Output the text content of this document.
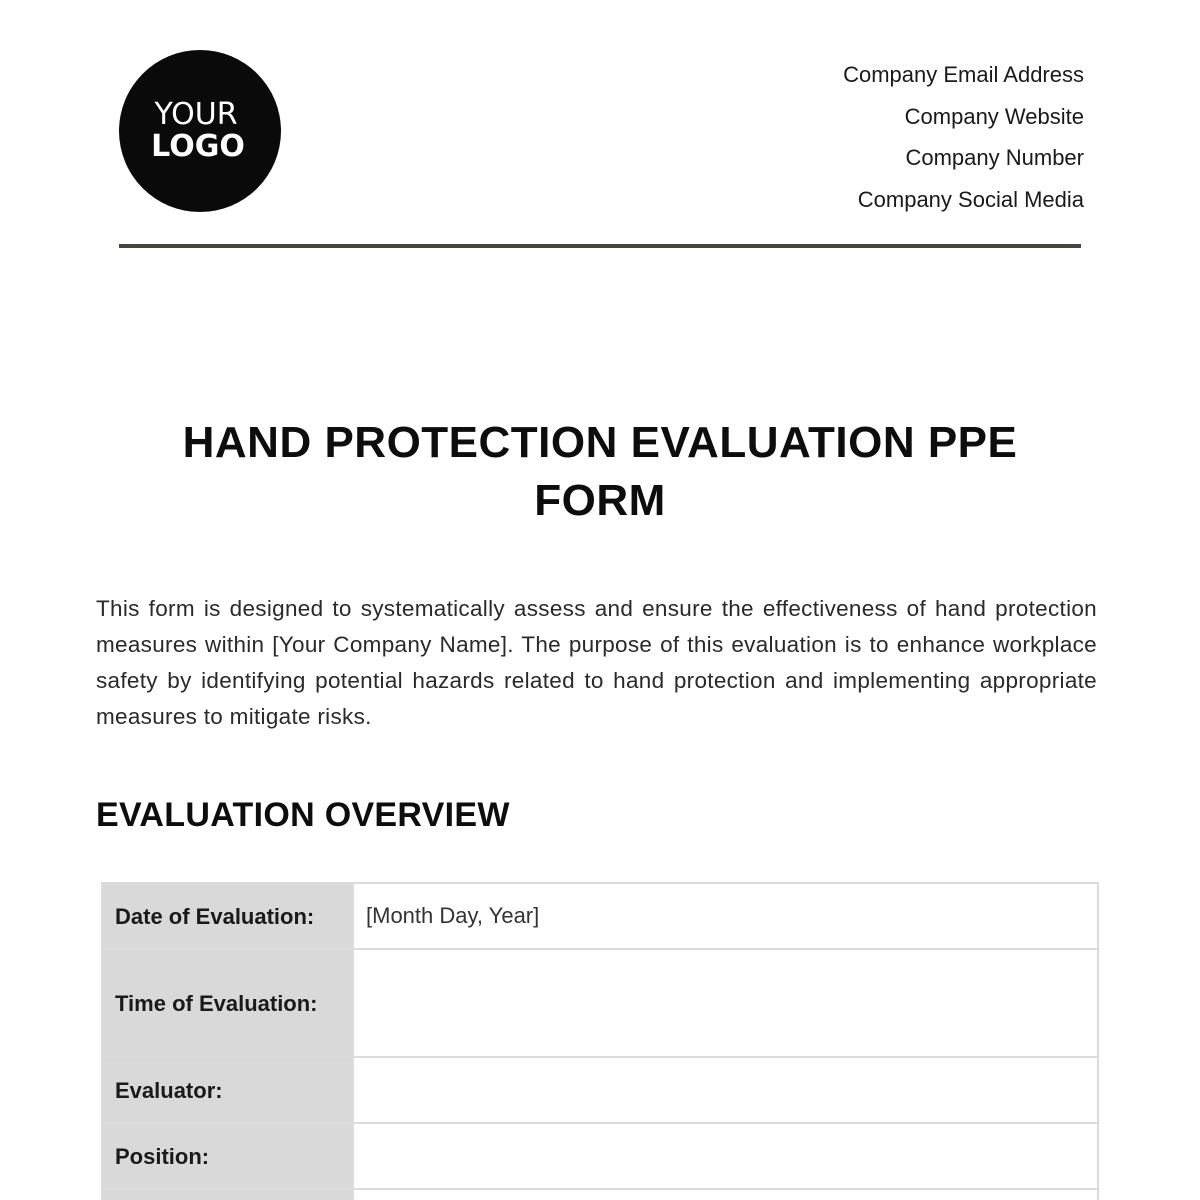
YOUR
LOGO
Company Email Address
Company Website
Company Number
Company Social Media
HAND PROTECTION EVALUATION PPE FORM

This form is designed to systematically assess and ensure the effectiveness of hand protection measures within [Your Company Name]. The purpose of this evaluation is to enhance workplace safety by identifying potential hazards related to hand protection and implementing appropriate measures to mitigate risks.

EVALUATION OVERVIEW
Date of Evaluation:	[Month Day, Year]
Time of Evaluation:	
Evaluator:	
Position:	
